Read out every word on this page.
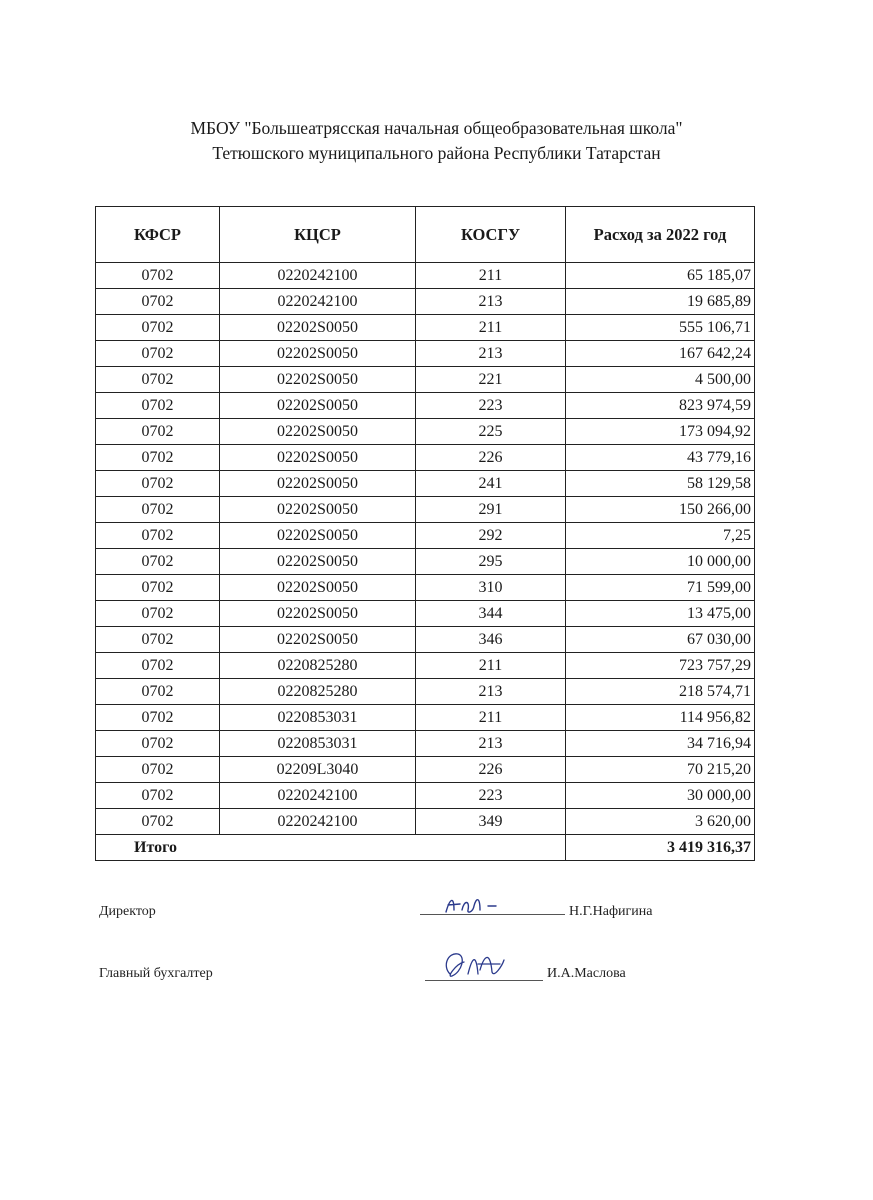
МБОУ "Большеатрясская начальная общеобразовательная школа"
Тетюшского муниципального района Республики Татарстан
КФСР	КЦСР	КОСГУ	Расход за 2022 год
0702	0220242100	211	65 185,07
0702	0220242100	213	19 685,89
0702	02202S0050	211	555 106,71
0702	02202S0050	213	167 642,24
0702	02202S0050	221	4 500,00
0702	02202S0050	223	823 974,59
0702	02202S0050	225	173 094,92
0702	02202S0050	226	43 779,16
0702	02202S0050	241	58 129,58
0702	02202S0050	291	150 266,00
0702	02202S0050	292	7,25
0702	02202S0050	295	10 000,00
0702	02202S0050	310	71 599,00
0702	02202S0050	344	13 475,00
0702	02202S0050	346	67 030,00
0702	0220825280	211	723 757,29
0702	0220825280	213	218 574,71
0702	0220853031	211	114 956,82
0702	0220853031	213	34 716,94
0702	02209L3040	226	70 215,20
0702	0220242100	223	30 000,00
0702	0220242100	349	3 620,00
Итого			3 419 316,37
Директор	Н.Г.Нафигина
Главный бухгалтер	И.А.Маслова
